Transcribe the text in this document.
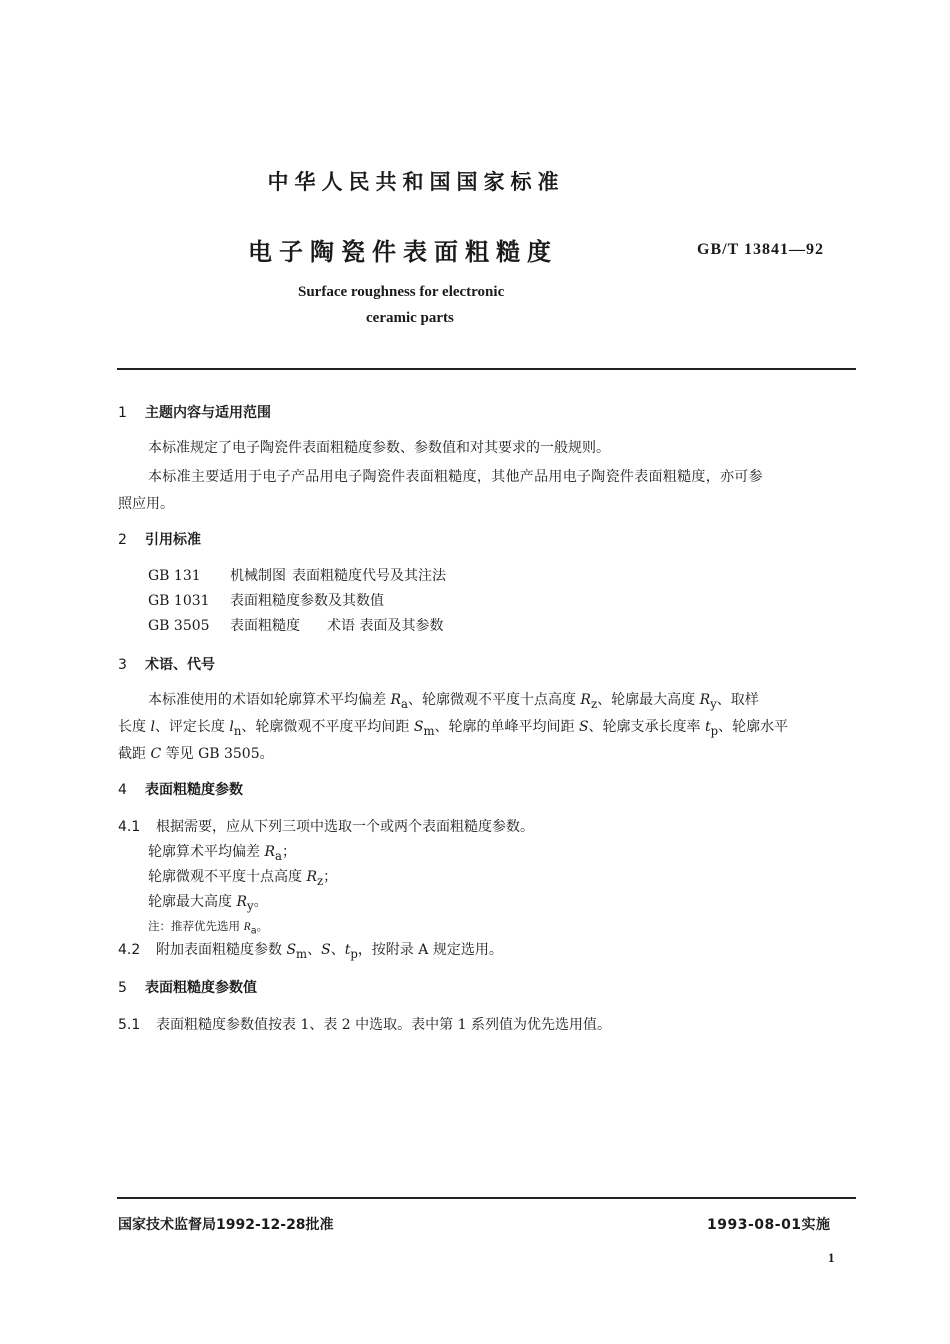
中华人民共和国国家标准
电子陶瓷件表面粗糙度	GB/T 13841—92
Surface roughness for electronic
ceramic parts
1 主题内容与适用范围
本标准规定了电子陶瓷件表面粗糙度参数、参数值和对其要求的一般规则。
本标准主要适用于电子产品用电子陶瓷件表面粗糙度，其他产品用电子陶瓷件表面粗糙度，亦可参
照应用。
2 引用标准
GB 131 机械制图 表面粗糙度代号及其注法
GB 1031 表面粗糙度参数及其数值
GB 3505 表面粗糙度 术语 表面及其参数
3 术语、代号
本标准使用的术语如轮廓算术平均偏差 $R_a$、轮廓微观不平度十点高度 $R_z$、轮廓最大高度 $R_y$、取样
长度 l、评定长度 $l_n$、轮廓微观不平度平均间距 $S_m$、轮廓的单峰平均间距 S、轮廓支承长度率 $t_p$、轮廓水平
截距 C 等见 GB 3505。
4 表面粗糙度参数
4.1 根据需要，应从下列三项中选取一个或两个表面粗糙度参数。
轮廓算术平均偏差 $R_a$；
轮廓微观不平度十点高度 $R_z$；
轮廓最大高度 $R_y$。
注：推荐优先选用 $R_a$。
4.2 附加表面粗糙度参数 $S_m$、S、$t_p$，按附录 A 规定选用。
5 表面粗糙度参数值
5.1 表面粗糙度参数值按表 1、表 2 中选取。表中第 1 系列值为优先选用值。
国家技术监督局1992-12-28批准	1993-08-01实施
1
